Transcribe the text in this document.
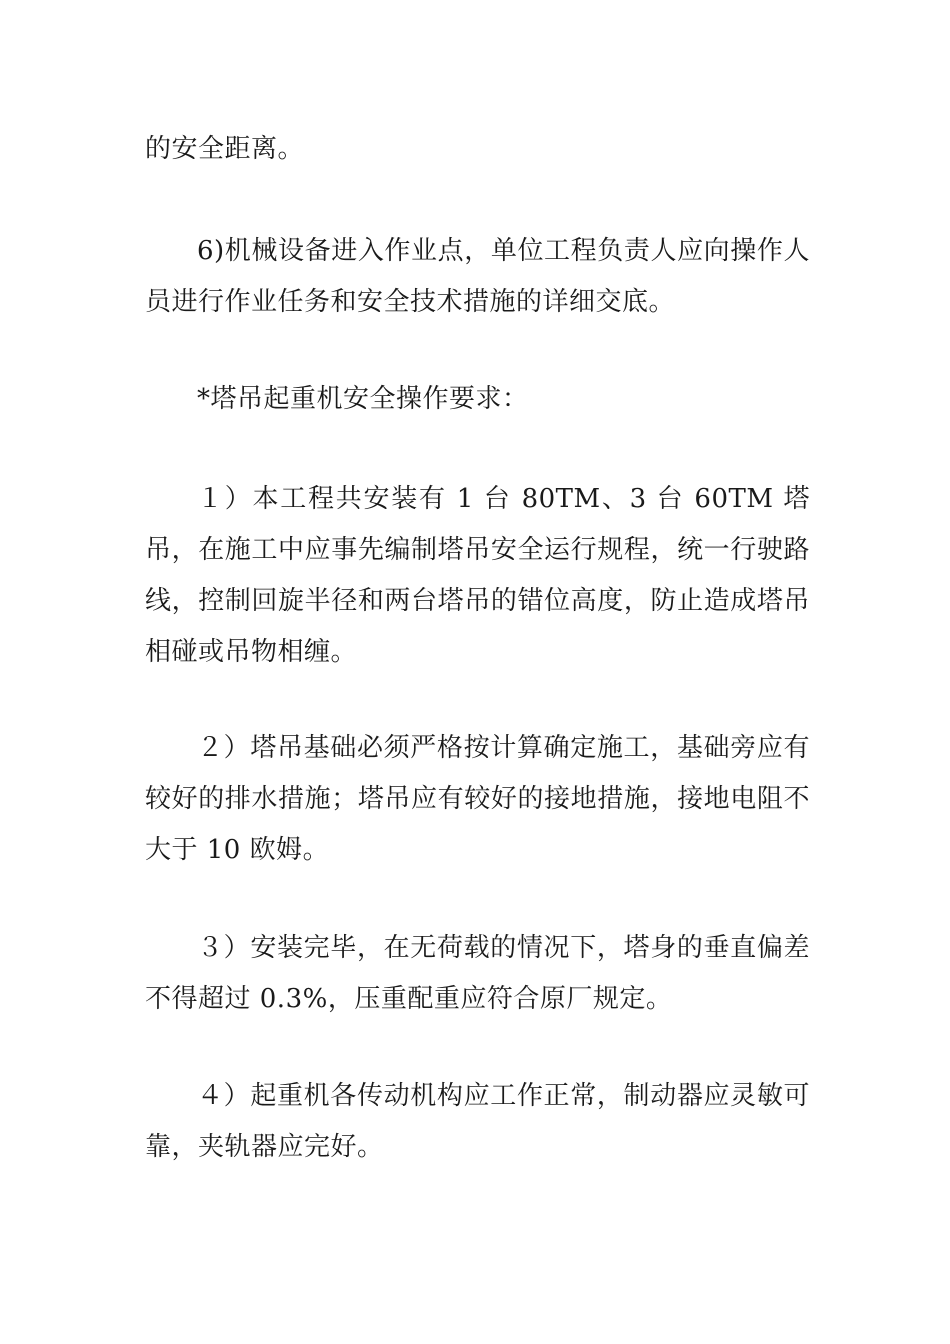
的安全距离。

6)机械设备进入作业点，单位工程负责人应向操作人员进行作业任务和安全技术措施的详细交底。

*塔吊起重机安全操作要求：

１）本工程共安装有 1 台 80TM、3 台 60TM 塔吊，在施工中应事先编制塔吊安全运行规程，统一行驶路线，控制回旋半径和两台塔吊的错位高度，防止造成塔吊相碰或吊物相缠。

２）塔吊基础必须严格按计算确定施工，基础旁应有较好的排水措施；塔吊应有较好的接地措施，接地电阻不大于 10 欧姆。

３）安装完毕，在无荷载的情况下，塔身的垂直偏差不得超过 0.3%，压重配重应符合原厂规定。

４）起重机各传动机构应工作正常，制动器应灵敏可靠，夹轨器应完好。
